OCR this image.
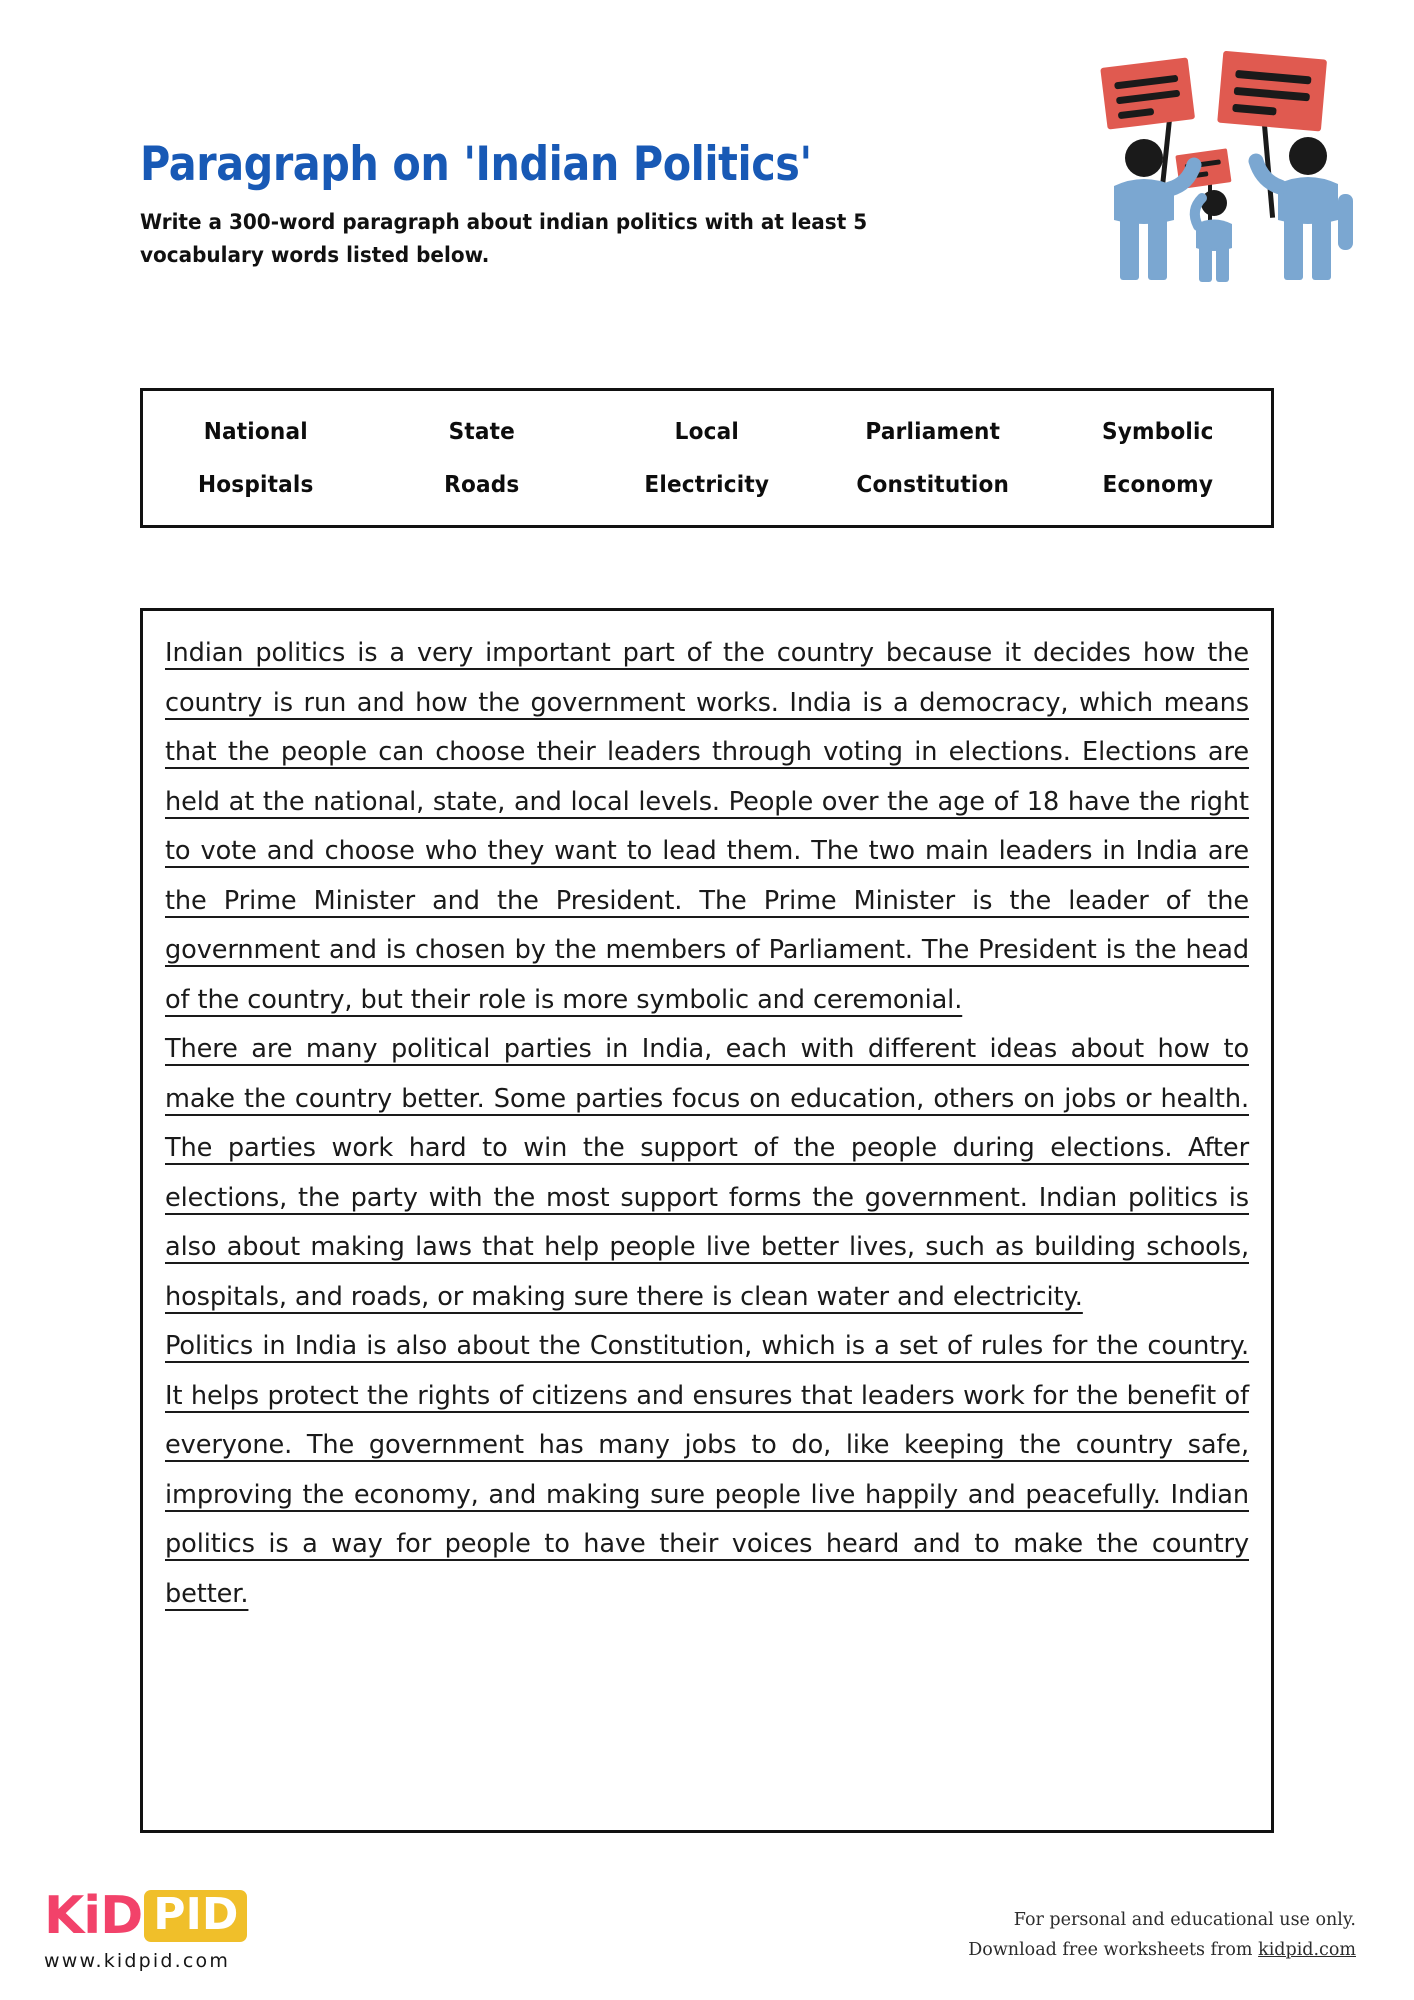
Paragraph on 'Indian Politics'
Write a 300-word paragraph about indian politics with at least 5 vocabulary words listed below.
National	State	Local	Parliament	Symbolic
Hospitals	Roads	Electricity	Constitution	Economy

Indian politics is a very important part of the country because it decides how the country is run and how the government works. India is a democracy, which means that the people can choose their leaders through voting in elections. Elections are held at the national, state, and local levels. People over the age of 18 have the right to vote and choose who they want to lead them. The two main leaders in India are the Prime Minister and the President. The Prime Minister is the leader of the government and is chosen by the members of Parliament. The President is the head of the country, but their role is more symbolic and ceremonial.

There are many political parties in India, each with different ideas about how to make the country better. Some parties focus on education, others on jobs or health. The parties work hard to win the support of the people during elections. After elections, the party with the most support forms the government. Indian politics is also about making laws that help people live better lives, such as building schools, hospitals, and roads, or making sure there is clean water and electricity.

Politics in India is also about the Constitution, which is a set of rules for the country. It helps protect the rights of citizens and ensures that leaders work for the benefit of everyone. The government has many jobs to do, like keeping the country safe, improving the economy, and making sure people live happily and peacefully. Indian politics is a way for people to have their voices heard and to make the country better.

KiD PID
www.kidpid.com
For personal and educational use only.
Download free worksheets from kidpid.com
